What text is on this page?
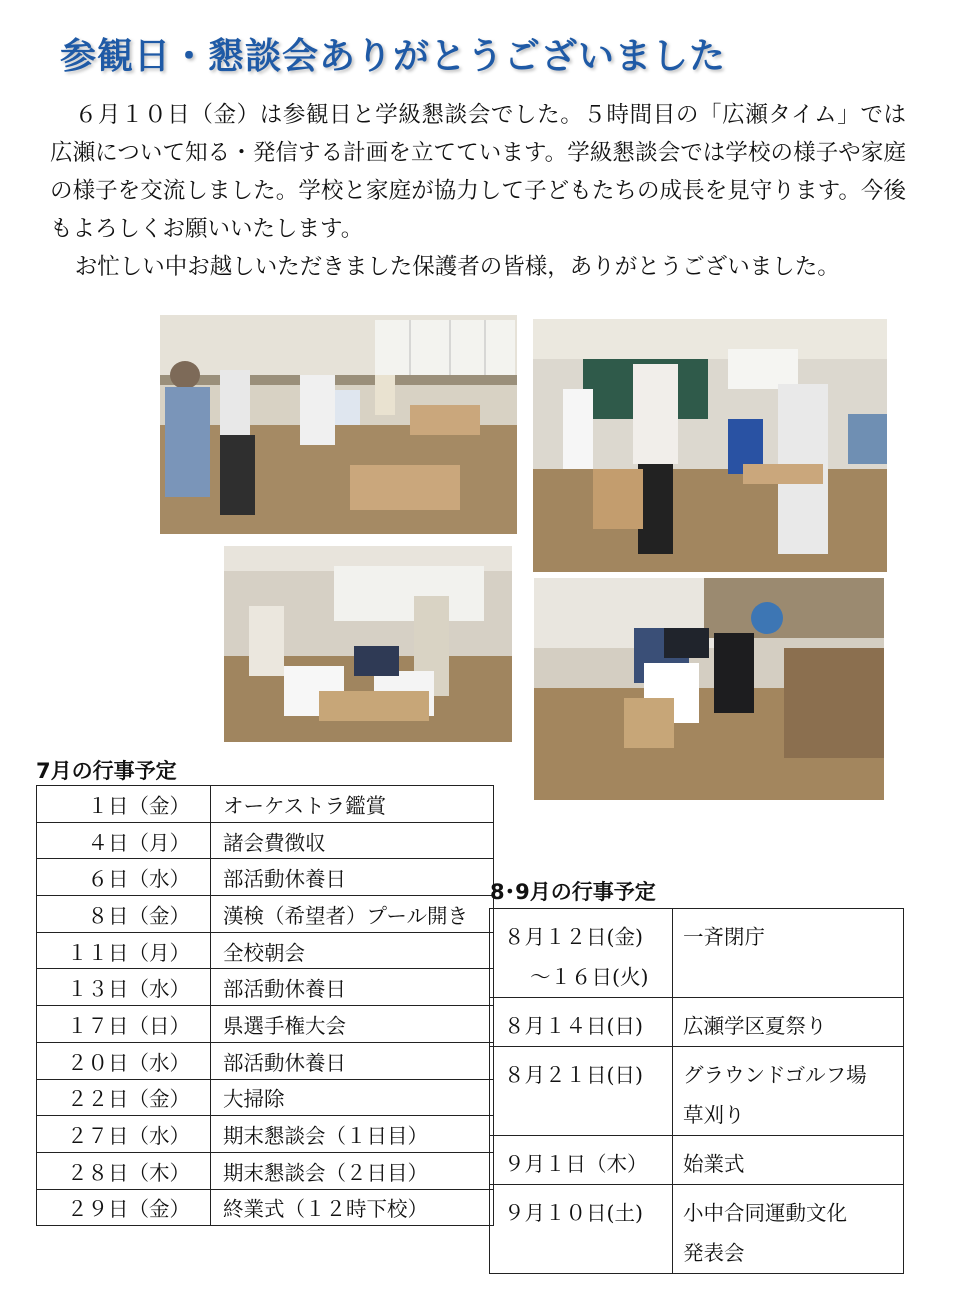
参観日・懇談会ありがとうございました

６月１０日（金）は参観日と学級懇談会でした。５時間目の「広瀬タイム」では広瀬について知る・発信する計画を立てています。学級懇談会では学校の様子や家庭の様子を交流しました。学校と家庭が協力して子どもたちの成長を見守ります。今後もよろしくお願いいたします。

お忙しい中お越しいただきました保護者の皆様，ありがとうございました。

7月の行事予定
１日（金）	オーケストラ鑑賞
４日（月）	諸会費徴収
６日（水）	部活動休養日
８日（金）	漢検（希望者）プール開き
１１日（月）	全校朝会
１３日（水）	部活動休養日
１７日（日）	県選手権大会
２０日（水）	部活動休養日
２２日（金）	大掃除
２７日（水）	期末懇談会（１日目）
２８日（木）	期末懇談会（２日目）
２９日（金）	終業式（１２時下校）
8･9月の行事予定
８月１２日(金)
～１６日(火)	一斉閉庁
８月１４日(日)	広瀬学区夏祭り
８月２１日(日)	グラウンドゴルフ場
草刈り
９月１日（木）	始業式
９月１０日(土)	小中合同運動文化
発表会
